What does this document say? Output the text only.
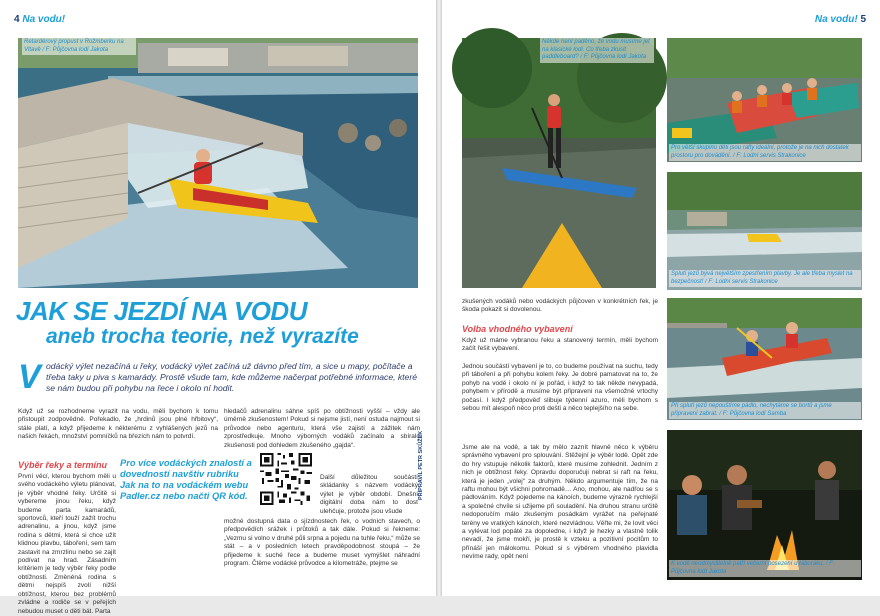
4 Na vodu!
Retardérový propust v Rožmberku na Vltavě / F: Půjčovna lodí Jakota
JAK SE JEZDÍ NA VODU
aneb trocha teorie, než vyrazíte
V odácký výlet nezačíná u řeky, vodácký výlet začíná už dávno před tím, a sice u mapy, počítače a třeba taky u piva s kamarády. Prostě všude tam, kde můžeme načerpat potřebné informace, které se nám budou při pohybu na řece i okolo ní hodit.

Když už se rozhodneme vyrazit na vodu, měli bychom k tomu přistoupit zodpovědně. Pořekadlo, že „hrdinů jsou plné hřbitovy“, stále platí, a když přijedeme k některému z vyhlášených jezů na našich řekách, množství pomníčků na březích nám to potvrdí.

Výběr řeky a termínu

První věcí, kterou bychom měli u svého vodáckého výletu plánovat, je výběr vhodné řeky. Určitě si vybereme jinou řeku, když budeme parta kamarádů, sportovců, kteří touží zažít trochu adrenalinu, a jinou, když jsme rodina s dětmi, která si chce užít klidnou plavbu, táboření, sem tam zastavit na zmrzlinu nebo se zajít podívat na hrad. Zásadním kritériem je tedy výběr řeky podle obtížnosti. Změněná rodina s dětmi nejspíš zvolí nižší obtížnost, kterou bez problémů zvládne a rodiče se v peřejích nebudou muset o děti bát. Parta

hledačů adrenalinu sáhne spíš po obtížnosti vyšší – vždy ale úměrně zkušenostem! Pokud si nejsme jistí, není ostuda najmout si průvodce nebo agenturu, která vše zajistí a zážitek nám zprostředkuje. Mnoho výborných vodáků začínalo a sbíralo zkušenosti pod dohledem zkušeného „gajda“.

Pro více vodáckých znalostí a dovedností navštiv rubriku Jak na to na vodáckém webu Padler.cz nebo načti QR kód.

Další důležitou součástí skládanky s názvem vodácký výlet je výběr období. Dnešní digitální doba nám to dost ulehčuje, protože jsou všude

možné dostupná data o sjízdnostech řek, o vodních stavech, o předpovědích srážek i průtoků a tak dále. Pokud si řekneme: „Vezmu si volno v druhé půli srpna a pojedu na tuhle řeku,“ může se stát – a v posledních letech pravděpodobnost stoupá – že přijedeme k suché řece a budeme muset vymýšlet náhradní program. Čtěme vodácké průvodce a kilometráže, ptejme se

PŘIPRAVIL PETR SKŮŽEK
Na vodu! 5
Někde není paděno, že vodu musíme jet na klasické lodi. Co třeba zkusit paddleboard? / F: Půjčovna lodí Jakota
Pro větší skupinu děti jsou rafty ideální, protože je na nich dostatek prostoru pro dovádění. / F: Lodní servis Strakonice
Splutí jezů bývá největším zpestřením plavby. Je ale třeba myslet na bezpečnost! / F: Lodní servis Strakonice

zkušených vodáků nebo vodáckých půjčoven v konkrétních řek, je škoda pokazit si dovolenou.

Volba vhodného vybavení

Když už máme vybranou řeku a stanovený termín, měli bychom začít řešit vybavení.

Jednou součástí vybavení je to, co budeme používat na suchu, tedy při táboření a při pohybu kolem řeky. Je dobré pamatovat na to, že pohyb na vodě i okolo ní je pořád, i když to tak někde nevypadá, pohybem v přírodě a musíme být připraveni na všemožné vrtochy počasí. I když předpověď slibuje týdenní azuro, měli bychom s sebou mít alespoň něco proti dešti a něco teplejšího na sebe.

Jsme ale na vodě, a tak by mělo zaznít hlavně něco k výběru správného vybavení pro splouvání. Stěžejní je výběr lodě. Opět zde do hry vstupuje několik faktorů, které musíme zohlednit. Jedním z nich je obtížnost řeky. Opravdu doporučuji nebrat si raft na řeku, která je jeden „volej“ za druhým. Někdo argumentuje tím, že na raftu mohou být všichni pohromadě… Ano, mohou, ale nadřou se s pádlováním. Když pojedeme na kánoích, budeme výrazně rychlejší a společné chvíle si užijeme při souladění. Na druhou stranu určitě nedoporučím málo zkušeným posádkám vyrážet na peřejnaté terény ve vratkých kánoích, které nezvládnou. Věřte mi, že lovit věci a vylévat lod popáté za dopoledne, i když je hezky a vlastně tolik nevadí, že jsme mokří, je prostě k vzteku a pozitivní pocitům to přínáší jen málokomu. Pokud si s výběrem vhodného plavidla nevíme rady, opět není

Při splutí jezů nepouštíme pádlo, nechytáme se bortů a jsme připravení zabrat. / F: Půjčovna lodí Samba
K vodě neodmyslitelně patří večerní posezení u táboráku. / F: Půjčovna lodí Jakota
